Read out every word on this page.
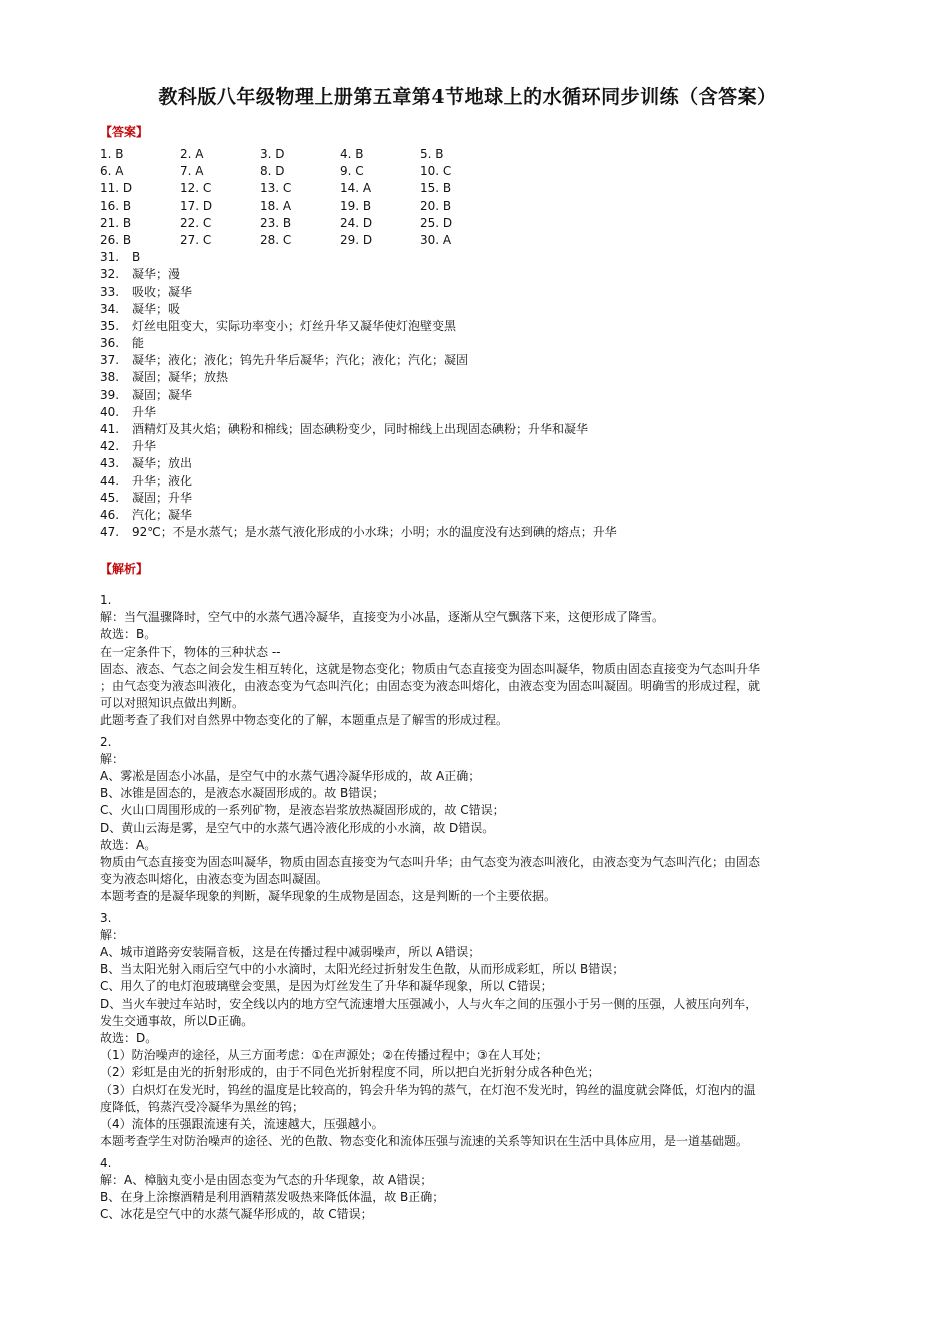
教科版八年级物理上册第五章第4节地球上的水循环同步训练（含答案）
【答案】
1. B	2. A	3. D	4. B	5. B
6. A	7. A	8. D	9. C	10. C
11. D	12. C	13. C	14. A	15. B
16. B	17. D	18. A	19. B	20. B
21. B	22. C	23. B	24. D	25. D
26. B	27. C	28. C	29. D	30. A
31. B
32. 凝华；漫
33. 吸收；凝华
34. 凝华；吸
35. 灯丝电阻变大，实际功率变小；灯丝升华又凝华使灯泡壁变黑
36. 能
37. 凝华；液化；液化；钨先升华后凝华；汽化；液化；汽化；凝固
38. 凝固；凝华；放热
39. 凝固；凝华
40. 升华
41. 酒精灯及其火焰；碘粉和棉线；固态碘粉变少，同时棉线上出现固态碘粉；升华和凝华
42. 升华
43. 凝华；放出
44. 升华；液化
45. 凝固；升华
46. 汽化；凝华
47. 92℃；不是水蒸气；是水蒸气液化形成的小水珠；小明；水的温度没有达到碘的熔点；升华
【解析】
1.
解：当气温骤降时，空气中的水蒸气遇冷凝华，直接变为小冰晶，逐渐从空气飘落下来，这便形成了降雪。
故选：B。
在一定条件下，物体的三种状态 --
固态、液态、气态之间会发生相互转化，这就是物态变化；物质由气态直接变为固态叫凝华，物质由固态直接变为气态叫升华
；由气态变为液态叫液化，由液态变为气态叫汽化；由固态变为液态叫熔化，由液态变为固态叫凝固。明确雪的形成过程，就
可以对照知识点做出判断。
此题考查了我们对自然界中物态变化的了解，本题重点是了解雪的形成过程。
2.
解：
A、雾凇是固态小冰晶，是空气中的水蒸气遇冷凝华形成的，故 A正确；
B、冰锥是固态的，是液态水凝固形成的。故 B错误；
C、火山口周围形成的一系列矿物，是液态岩浆放热凝固形成的，故 C错误；
D、黄山云海是雾，是空气中的水蒸气遇冷液化形成的小水滴，故 D错误。
故选：A。
物质由气态直接变为固态叫凝华，物质由固态直接变为气态叫升华；由气态变为液态叫液化，由液态变为气态叫汽化；由固态
变为液态叫熔化，由液态变为固态叫凝固。
本题考查的是凝华现象的判断，凝华现象的生成物是固态，这是判断的一个主要依据。
3.
解：
A、城市道路旁安装隔音板，这是在传播过程中减弱噪声，所以 A错误；
B、当太阳光射入雨后空气中的小水滴时，太阳光经过折射发生色散，从而形成彩虹，所以 B错误；
C、用久了的电灯泡玻璃壁会变黑，是因为灯丝发生了升华和凝华现象，所以 C错误；
D、当火车驶过车站时，安全线以内的地方空气流速增大压强减小，人与火车之间的压强小于另一侧的压强，人被压向列车，
发生交通事故，所以D正确。
故选：D。
（1）防治噪声的途径，从三方面考虑：①在声源处；②在传播过程中；③在人耳处；
（2）彩虹是由光的折射形成的，由于不同色光折射程度不同，所以把白光折射分成各种色光；
（3）白炽灯在发光时，钨丝的温度是比较高的，钨会升华为钨的蒸气，在灯泡不发光时，钨丝的温度就会降低，灯泡内的温
度降低，钨蒸汽受冷凝华为黑丝的钨；
（4）流体的压强跟流速有关，流速越大，压强越小。
本题考查学生对防治噪声的途径、光的色散、物态变化和流体压强与流速的关系等知识在生活中具体应用，是一道基础题。
4.
解：A、樟脑丸变小是由固态变为气态的升华现象，故 A错误；
B、在身上涂擦酒精是利用酒精蒸发吸热来降低体温，故 B正确；
C、冰花是空气中的水蒸气凝华形成的，故 C错误；
